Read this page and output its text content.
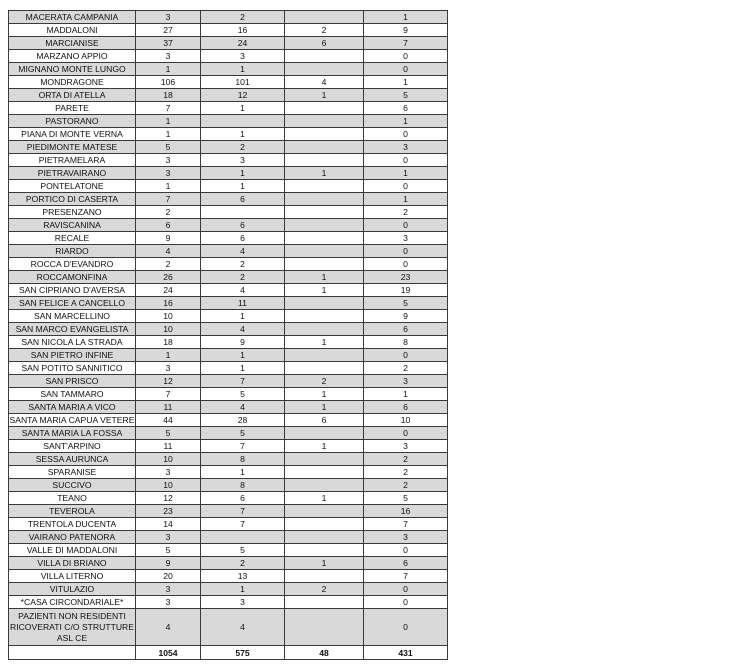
MACERATA CAMPANIA	3	2		1
MADDALONI	27	16	2	9
MARCIANISE	37	24	6	7
MARZANO APPIO	3	3		0
MIGNANO MONTE LUNGO	1	1		0
MONDRAGONE	106	101	4	1
ORTA DI ATELLA	18	12	1	5
PARETE	7	1		6
PASTORANO	1			1
PIANA DI MONTE VERNA	1	1		0
PIEDIMONTE MATESE	5	2		3
PIETRAMELARA	3	3		0
PIETRAVAIRANO	3	1	1	1
PONTELATONE	1	1		0
PORTICO DI CASERTA	7	6		1
PRESENZANO	2			2
RAVISCANINA	6	6		0
RECALE	9	6		3
RIARDO	4	4		0
ROCCA D'EVANDRO	2	2		0
ROCCAMONFINA	26	2	1	23
SAN CIPRIANO D'AVERSA	24	4	1	19
SAN FELICE A CANCELLO	16	11		5
SAN MARCELLINO	10	1		9
SAN MARCO EVANGELISTA	10	4		6
SAN NICOLA LA STRADA	18	9	1	8
SAN PIETRO INFINE	1	1		0
SAN POTITO SANNITICO	3	1		2
SAN PRISCO	12	7	2	3
SAN TAMMARO	7	5	1	1
SANTA MARIA A VICO	11	4	1	6
SANTA MARIA CAPUA VETERE	44	28	6	10
SANTA MARIA LA FOSSA	5	5		0
SANT'ARPINO	11	7	1	3
SESSA AURUNCA	10	8		2
SPARANISE	3	1		2
SUCCIVO	10	8		2
TEANO	12	6	1	5
TEVEROLA	23	7		16
TRENTOLA DUCENTA	14	7		7
VAIRANO PATENORA	3			3
VALLE DI MADDALONI	5	5		0
VILLA DI BRIANO	9	2	1	6
VILLA LITERNO	20	13		7
VITULAZIO	3	1	2	0
*CASA CIRCONDARIALE*	3	3		0
PAZIENTI NON RESIDENTI RICOVERATI C/O STRUTTURE ASL CE	4	4		0
	1054	575	48	431
